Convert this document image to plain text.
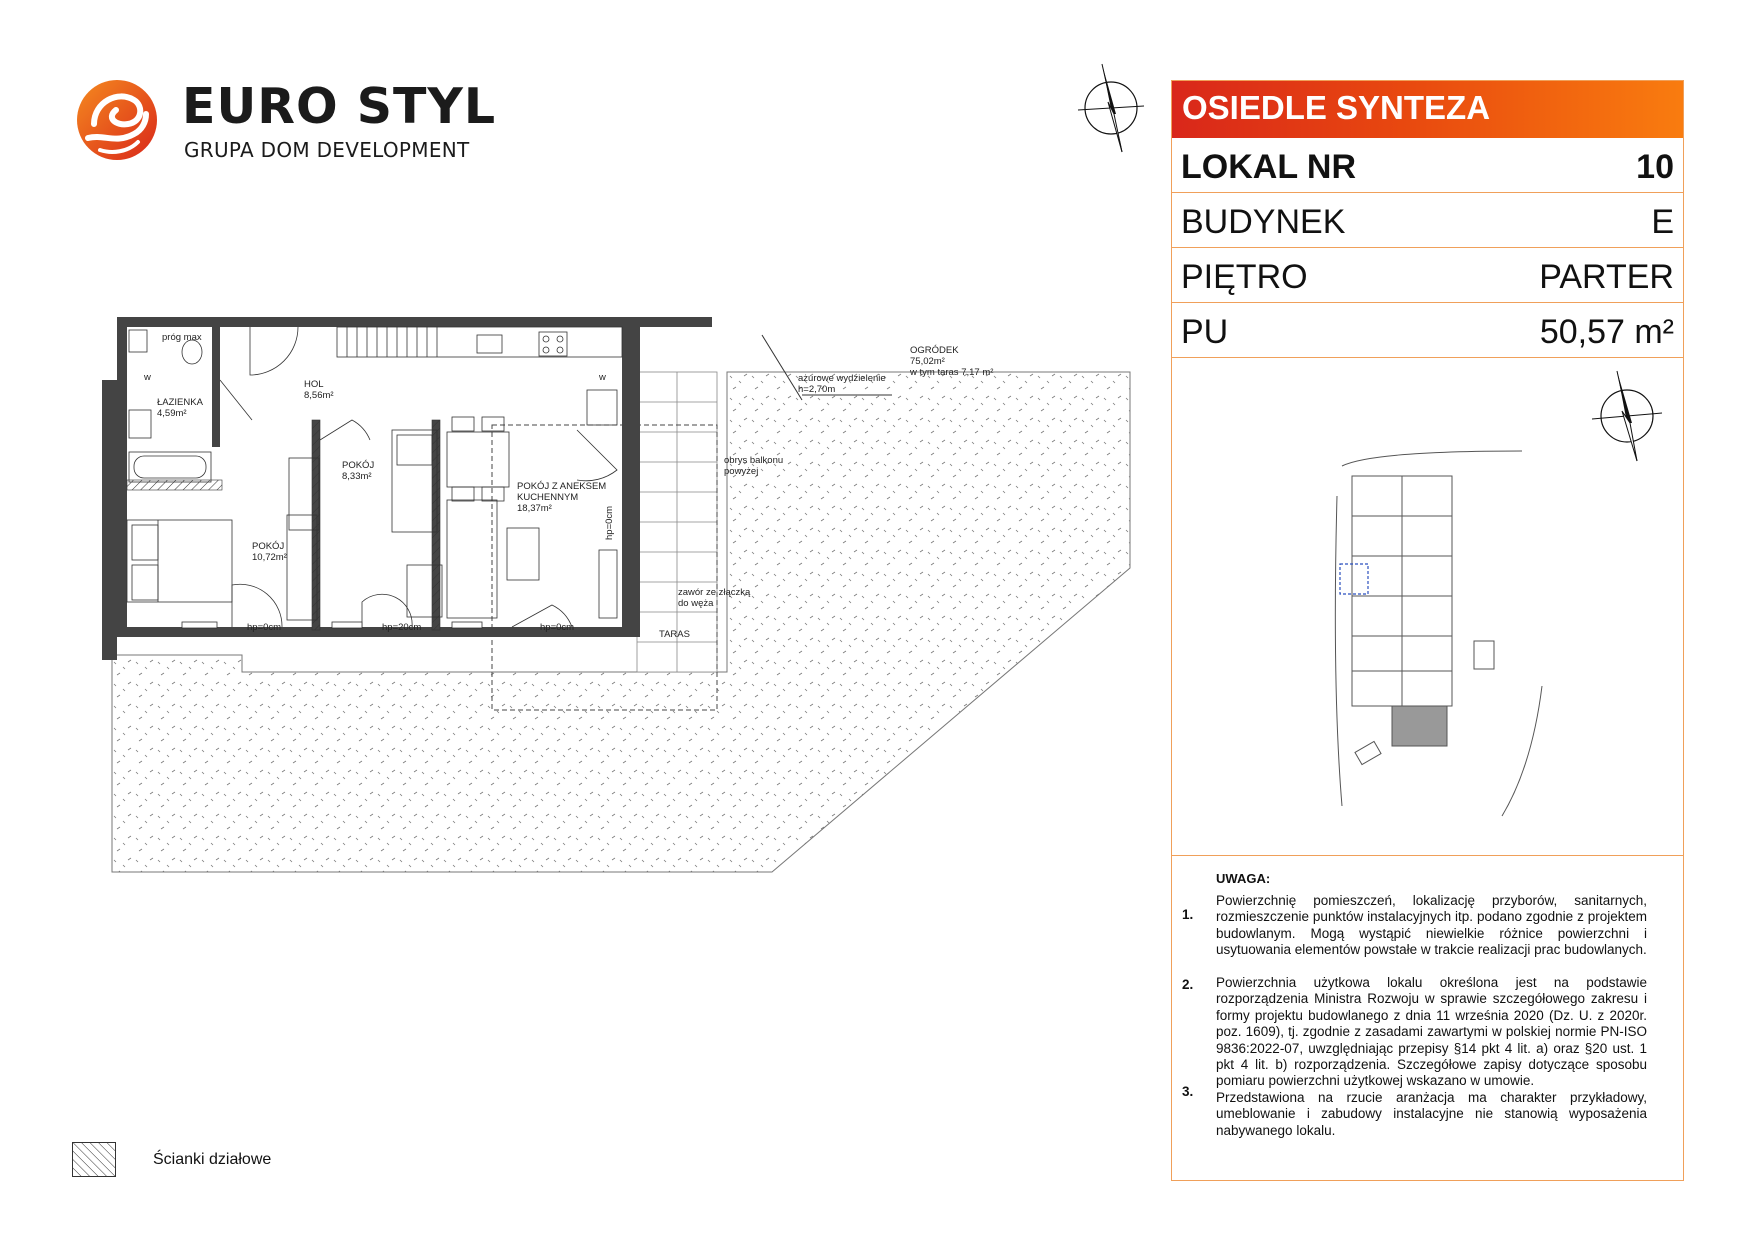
EURO STYL
GRUPA DOM DEVELOPMENT
próg max
ŁAZIENKA
4,59m²
HOL
8,56m²
POKÓJ
8,33m²
POKÓJ Z ANEKSEM
KUCHENNYM
18,37m²
POKÓJ
10,72m²
OGRÓDEK
75,02m²
w tym taras 7,17 m²
ażurowe wydzielenie
h=2,70m
obrys balkonu
powyżej
zawór ze złączką
do węża
TARAS
hp=0cm	hp=20cm	hp=0cm
hp=0cm
w
w
OSIEDLE SYNTEZA
LOKAL NR	10
BUDYNEK	E
PIĘTRO	PARTER
PU	50,57 m²
UWAGA:
1.
Powierzchnię pomieszczeń, lokalizację przyborów, sanitarnych, rozmieszczenie punktów instalacyjnych itp. podano zgodnie z projektem budowlanym. Mogą wystąpić niewielkie różnice powierzchni i usytuowania elementów powstałe w trakcie realizacji prac budowlanych.
2. Powierzchnia użytkowa lokalu określona jest na podstawie rozporządzenia Ministra Rozwoju w sprawie szczegółowego zakresu i formy projektu budowlanego z dnia 11 września 2020 (Dz. U. z 2020r. poz. 1609), tj. zgodnie z zasadami zawartymi w polskiej normie PN-ISO 9836:2022-07, uwzględniając przepisy §14 pkt 4 lit. a) oraz §20 ust. 1 pkt 4 lit. b) rozporządzenia. Szczegółowe zapisy dotyczące sposobu pomiaru powierzchni użytkowej wskazano w umowie.
3. Przedstawiona na rzucie aranżacja ma charakter przykładowy, umeblowanie i zabudowy instalacyjne nie stanowią wyposażenia nabywanego lokalu.
Ścianki działowe
